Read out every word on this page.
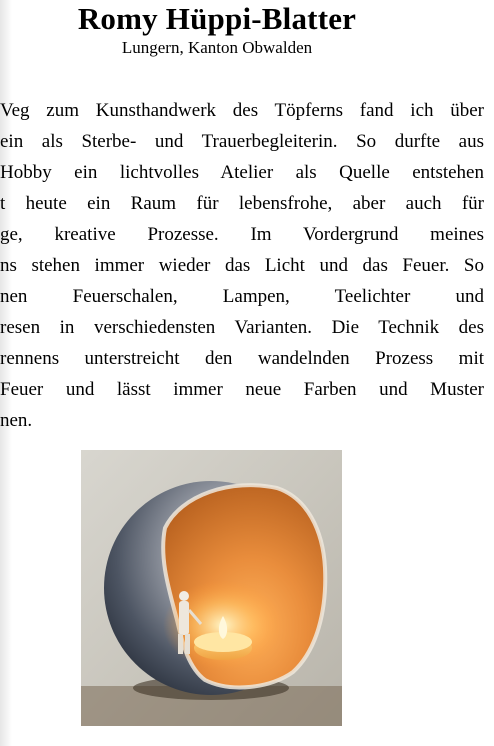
Romy Hüppi-Blatter
Lungern, Kanton Obwalden
Veg zum Kunsthandwerk des Töpferns fand ich über
ein als Sterbe- und Trauerbegleiterin. So durfte aus
Hobby ein lichtvolles Atelier als Quelle entstehen
t heute ein Raum für lebensfrohe, aber auch für
ge, kreative Prozesse. Im Vordergrund meines
ns stehen immer wieder das Licht und das Feuer. So
nen Feuerschalen, Lampen, Teelichter und
resen in verschiedensten Varianten. Die Technik des
rennens unterstreicht den wandelnden Prozess mit
Feuer und lässt immer neue Farben und Muster
nen.
